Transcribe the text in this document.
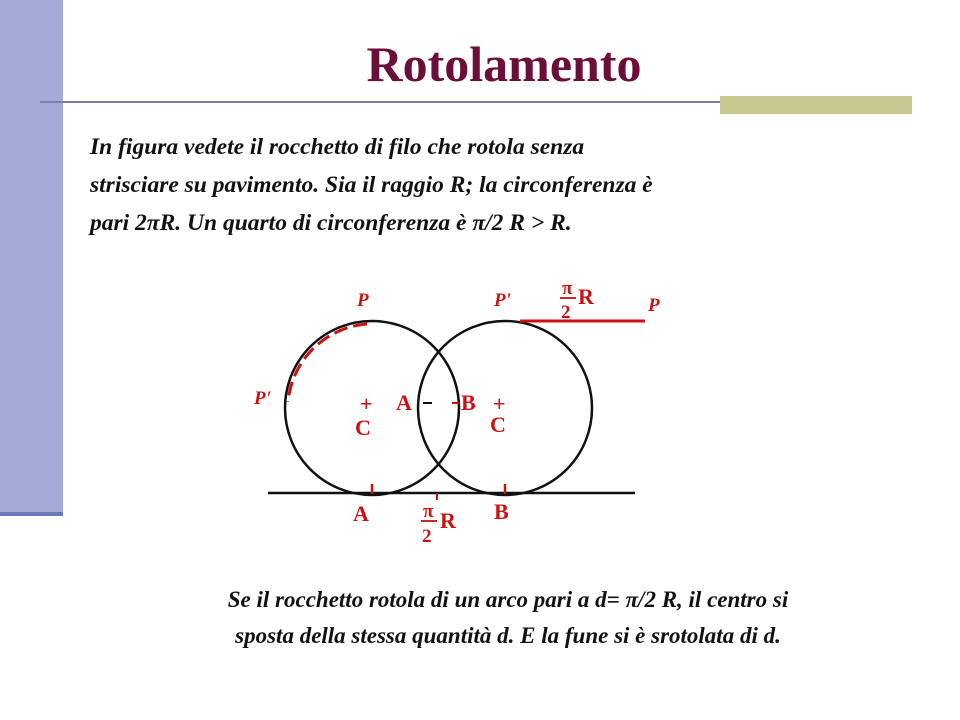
Rotolamento

In figura vedete il rocchetto di filo che rotola senza
strisciare su pavimento. Sia il raggio R; la circonferenza è
pari 2πR. Un quarto di circonferenza è π/2 R > R.

P	P'	P
P'	A B
+
C
+
C
A	B
π
2
R
π
2
R

Se il rocchetto rotola di un arco pari a d= π/2 R, il centro si
sposta della stessa quantità d. E la fune si è srotolata di d.
